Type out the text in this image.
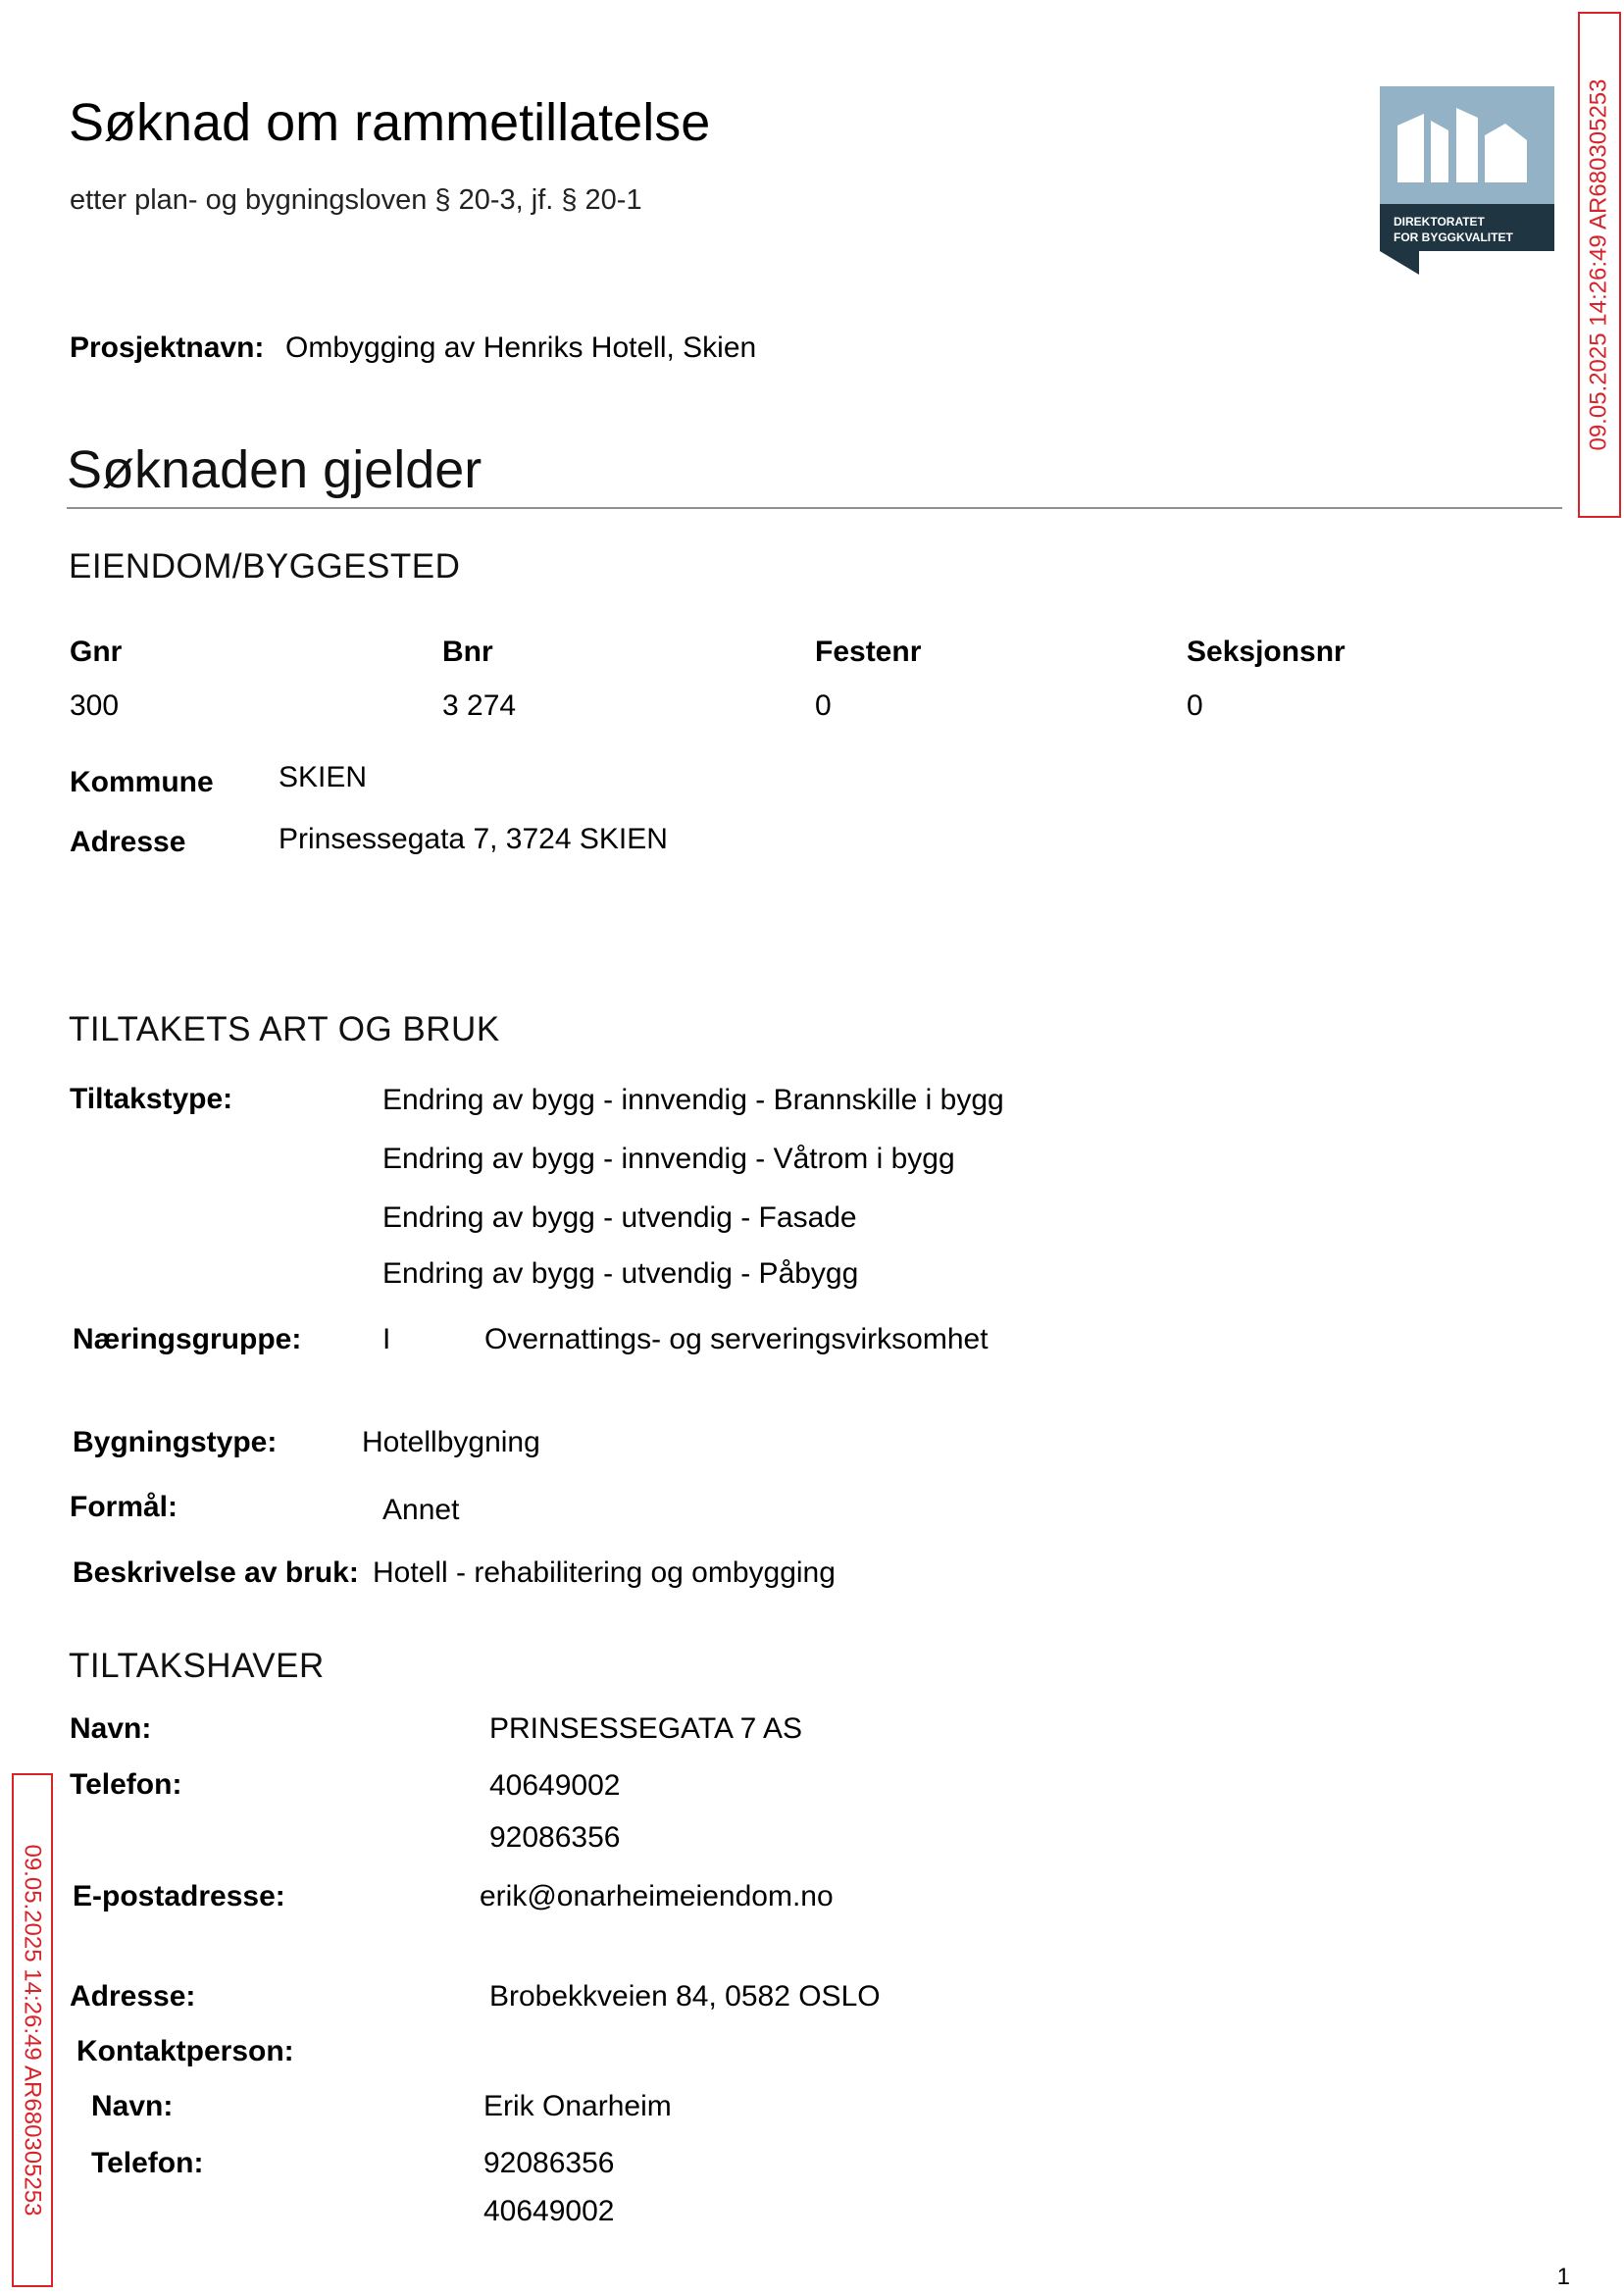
Søknad om rammetillatelse
etter plan- og bygningsloven § 20-3, jf. § 20-1
DIREKTORATET
FOR BYGGKVALITET	09.05.2025 14:26:49 AR680305253
09.05.2025 14:26:49 AR680305253
Prosjektnavn: Ombygging av Henriks Hotell, Skien
Søknaden gjelder
EIENDOM/BYGGESTED
Gnr	Bnr	Festenr	Seksjonsnr
300	3 274	0	0
Kommune SKIEN
Adresse	Prinsessegata 7, 3724 SKIEN
TILTAKETS ART OG BRUK
Tiltakstype:	Endring av bygg - innvendig - Brannskille i bygg
Endring av bygg - innvendig - Våtrom i bygg
Endring av bygg - utvendig - Fasade
Endring av bygg - utvendig - Påbygg
Næringsgruppe:	I	Overnattings- og serveringsvirksomhet
Bygningstype:	Hotellbygning
Formål:	Annet
Beskrivelse av bruk: Hotell - rehabilitering og ombygging
TILTAKSHAVER
Navn:	PRINSESSEGATA 7 AS
Telefon:	40649002
92086356
E-postadresse:	erik@onarheimeiendom.no
Adresse:	Brobekkveien 84, 0582 OSLO
Kontaktperson:
Navn:	Erik Onarheim
Telefon:	92086356
40649002
1
